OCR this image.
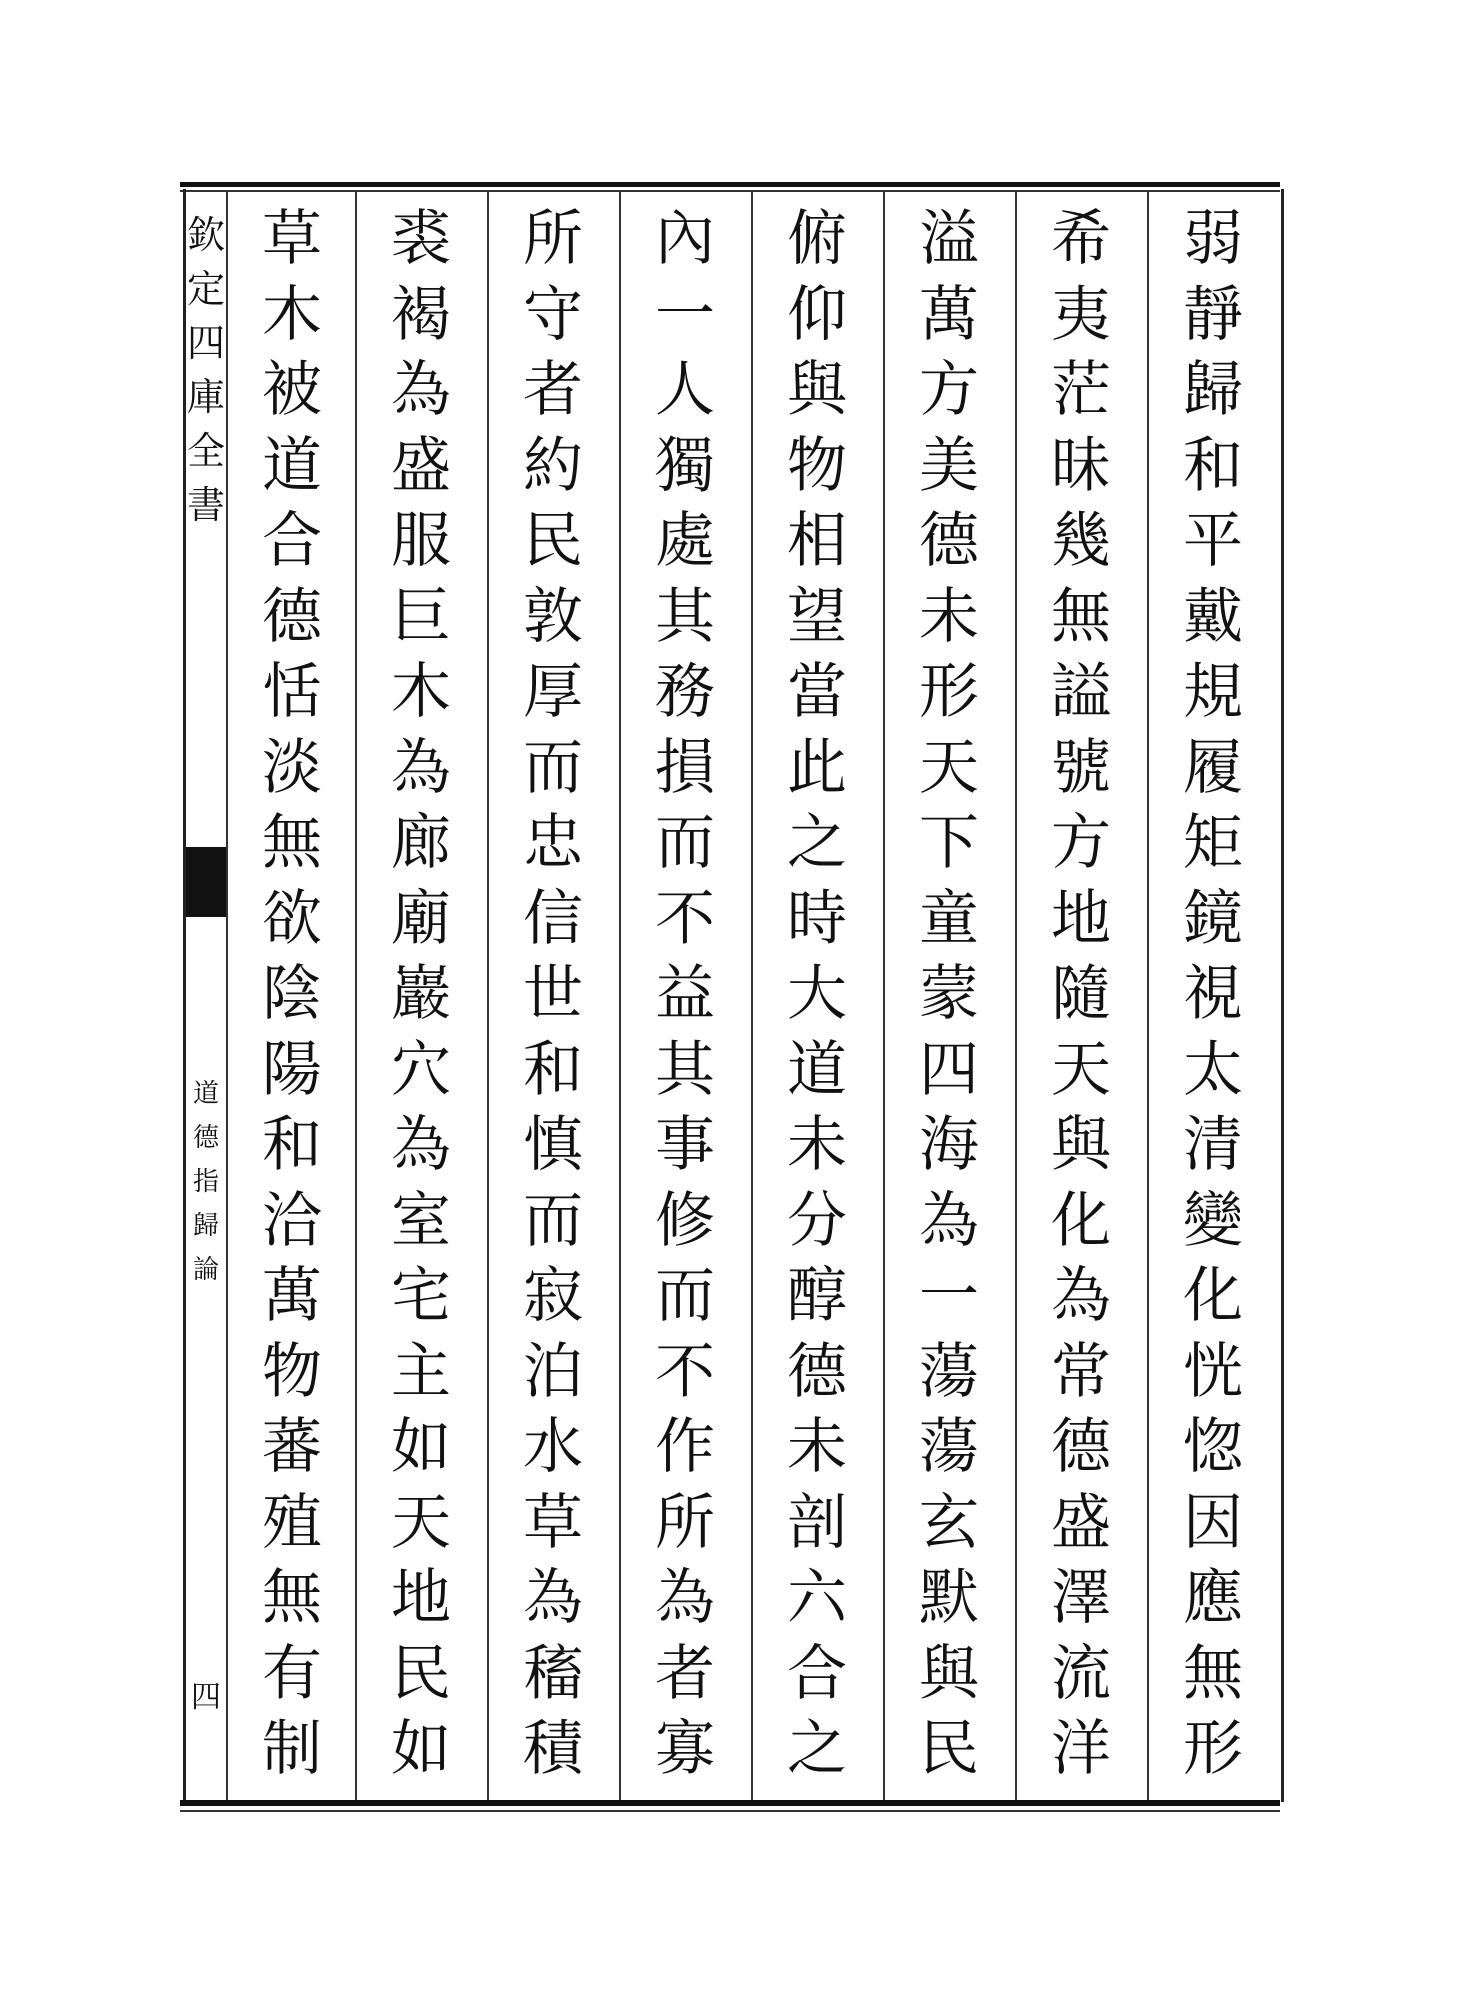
欽
定
四
庫
全
書
道
德
指
歸
論
四
弱
靜
歸
和
平
戴
規
履
矩
鏡
視
太
清
變
化
恍
惚
因
應
無
形
希
夷
茫
昧
幾
無
謚
號
方
地
隨
天
與
化
為
常
德
盛
澤
流
洋
溢
萬
方
美
德
未
形
天
下
童
蒙
四
海
為
一
蕩
蕩
玄
默
與
民
俯
仰
與
物
相
望
當
此
之
時
大
道
未
分
醇
德
未
剖
六
合
之
內
一
人
獨
處
其
務
損
而
不
益
其
事
修
而
不
作
所
為
者
寡
所
守
者
約
民
敦
厚
而
忠
信
世
和
慎
而
寂
泊
水
草
為
稸
積
裘
褐
為
盛
服
巨
木
為
廊
廟
巖
穴
為
室
宅
主
如
天
地
民
如
草
木
被
道
合
德
恬
淡
無
欲
陰
陽
和
洽
萬
物
蕃
殖
無
有
制
